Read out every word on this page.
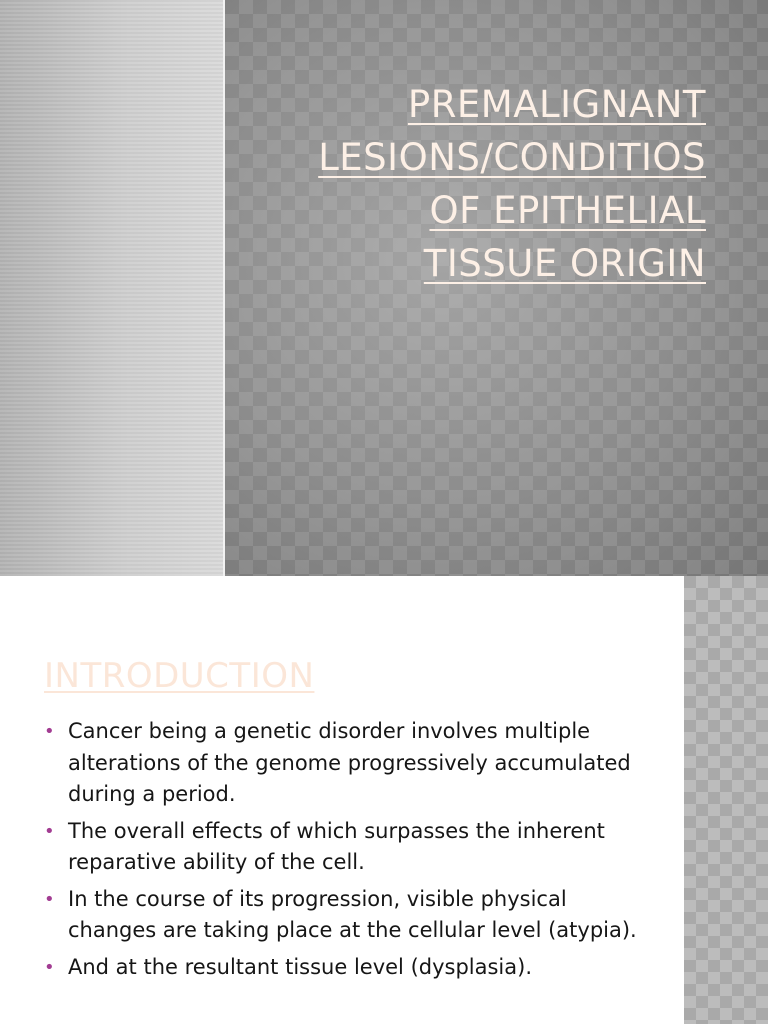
PREMALIGNANT
LESIONS/CONDITIOS
OF EPITHELIAL
TISSUE ORIGIN
INTRODUCTION
• Cancer being a genetic disorder involves multiple alterations of the genome progressively accumulated during a period.
• The overall effects of which surpasses the inherent reparative ability of the cell.
• In the course of its progression, visible physical changes are taking place at the cellular level (atypia).
• And at the resultant tissue level (dysplasia).
